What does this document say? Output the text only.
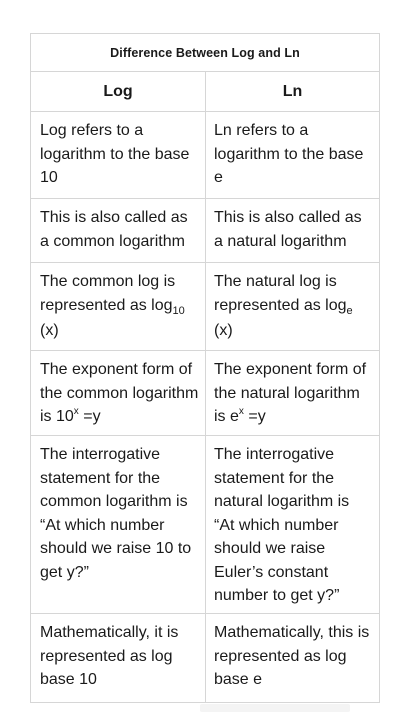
Difference Between Log and Ln
Log	Ln
Log refers to a logarithm to the base 10
Ln refers to a logarithm to the base e
This is also called as a common logarithm
This is also called as a natural logarithm
The common log is represented as $\log_{10}$
(x)
The natural log is represented as $\log_e$
(x)
The exponent form of the common logarithm is $10^x =y$
The exponent form of the natural logarithm is $e^x =y$
The interrogative statement for the common logarithm is “At which number should we raise 10 to get y?”
The interrogative statement for the natural logarithm is “At which number should we raise Euler’s constant number to get y?”
Mathematically, it is represented as log base 10
Mathematically, this is represented as log base e
